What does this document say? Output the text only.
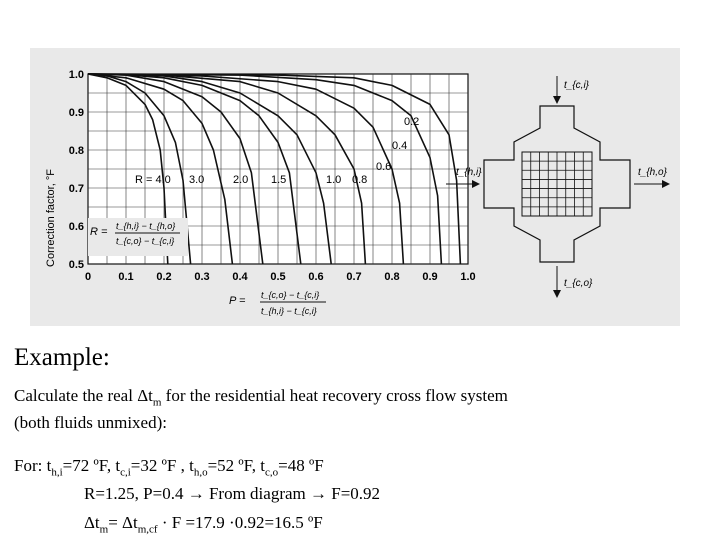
1.0
0.9
0.8
0.7
0.6
0.5
0 0.1 0.2 0.3 0.4 0.5 0.6 0.7 0.8 0.9 1.0
Correction factor, °F	R = 4.0 3.0	2.0 1.5	1.0 0.8
0.6
0.4
0.2
R = t_{h,i} − t_{h,o}
t_{c,o} − t_{c,i}
P = t_{c,o} − t_{c,i}
t_{h,i} − t_{c,i}
t_{c,i}
t_{h,i}	t_{h,o}
t_{c,o}
Example:
Calculate the real $\Delta t_m$ for the residential heat recovery cross flow system
(both fluids unmixed):
For: $t_{h,i}=72$ ºF, $t_{c,i}=32$ ºF , $t_{h,o}=52$ ºF, $t_{c,o}=48$ ºF
R=1.25, P=0.4 → From diagram → F=0.92
$\Delta t_m= \Delta t_{m,cf} \cdot F =17.9 \cdot 0.92=16.5$ ºF
